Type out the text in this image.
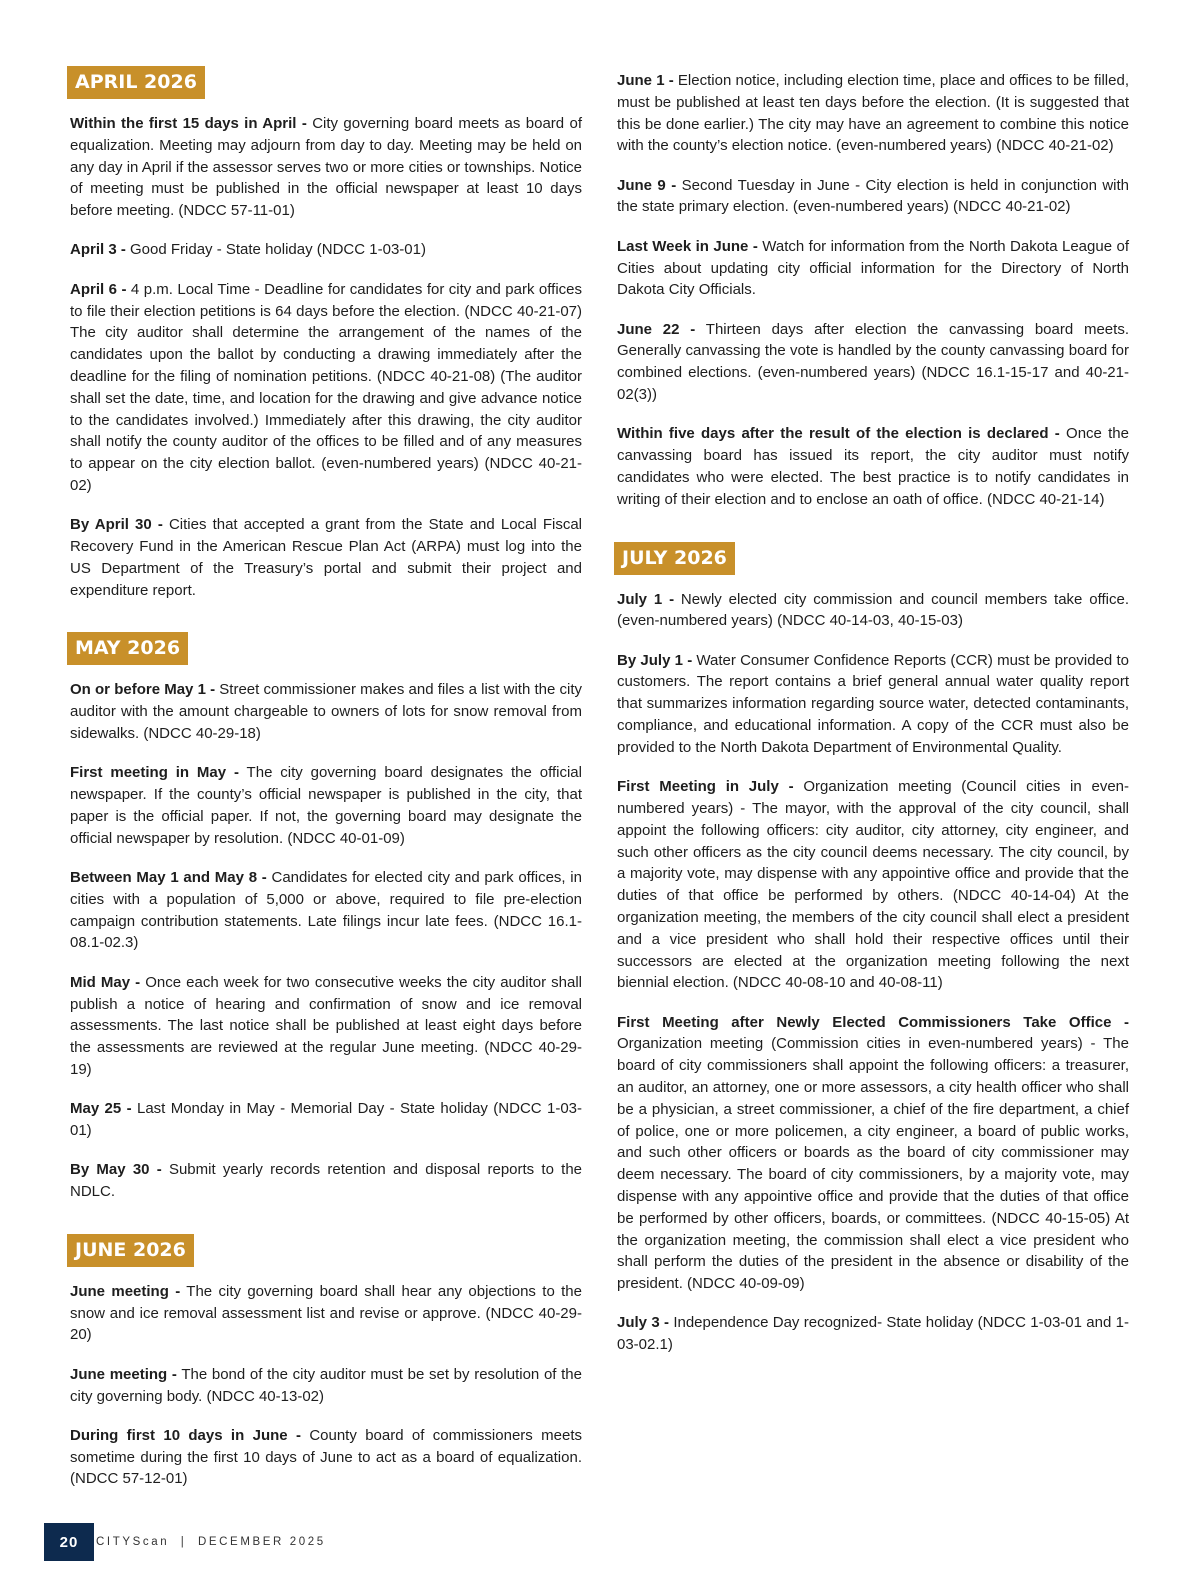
APRIL 2026

Within the first 15 days in April - City governing board meets as board of equalization. Meeting may adjourn from day to day. Meeting may be held on any day in April if the assessor serves two or more cities or townships. Notice of meeting must be published in the official newspaper at least 10 days before meeting. (NDCC 57-11-01)

April 3 - Good Friday - State holiday (NDCC 1-03-01)

April 6 - 4 p.m. Local Time - Deadline for candidates for city and park offices to file their election petitions is 64 days before the election. (NDCC 40-21-07) The city auditor shall determine the arrangement of the names of the candidates upon the ballot by conducting a drawing immediately after the deadline for the filing of nomination petitions. (NDCC 40-21-08) (The auditor shall set the date, time, and location for the drawing and give advance notice to the candidates involved.) Immediately after this drawing, the city auditor shall notify the county auditor of the offices to be filled and of any measures to appear on the city election ballot. (even-numbered years) (NDCC 40-21-02)

By April 30 - Cities that accepted a grant from the State and Local Fiscal Recovery Fund in the American Rescue Plan Act (ARPA) must log into the US Department of the Treasury’s portal and submit their project and expenditure report.

MAY 2026

On or before May 1 - Street commissioner makes and files a list with the city auditor with the amount chargeable to owners of lots for snow removal from sidewalks. (NDCC 40-29-18)

First meeting in May - The city governing board designates the official newspaper. If the county’s official newspaper is published in the city, that paper is the official paper. If not, the governing board may designate the official newspaper by resolution. (NDCC 40-01-09)

Between May 1 and May 8 - Candidates for elected city and park offices, in cities with a population of 5,000 or above, required to file pre-election campaign contribution statements. Late filings incur late fees. (NDCC 16.1-08.1-02.3)

Mid May - Once each week for two consecutive weeks the city auditor shall publish a notice of hearing and confirmation of snow and ice removal assessments. The last notice shall be published at least eight days before the assessments are reviewed at the regular June meeting. (NDCC 40-29-19)

May 25 - Last Monday in May - Memorial Day - State holiday (NDCC 1-03-01)

By May 30 - Submit yearly records retention and disposal reports to the NDLC.

JUNE 2026

June meeting - The city governing board shall hear any objections to the snow and ice removal assessment list and revise or approve. (NDCC 40-29-20)

June meeting - The bond of the city auditor must be set by resolution of the city governing body. (NDCC 40-13-02)

During first 10 days in June - County board of commissioners meets sometime during the first 10 days of June to act as a board of equalization. (NDCC 57-12-01)

June 1 - Election notice, including election time, place and offices to be filled, must be published at least ten days before the election. (It is suggested that this be done earlier.) The city may have an agreement to combine this notice with the county’s election notice. (even-numbered years) (NDCC 40-21-02)

June 9 - Second Tuesday in June - City election is held in conjunction with the state primary election. (even-numbered years) (NDCC 40-21-02)

Last Week in June - Watch for information from the North Dakota League of Cities about updating city official information for the Directory of North Dakota City Officials.

June 22 - Thirteen days after election the canvassing board meets. Generally canvassing the vote is handled by the county canvassing board for combined elections. (even-numbered years) (NDCC 16.1-15-17 and 40-21-02(3))

Within five days after the result of the election is declared - Once the canvassing board has issued its report, the city auditor must notify candidates who were elected. The best practice is to notify candidates in writing of their election and to enclose an oath of office. (NDCC 40-21-14)

JULY 2026

July 1 - Newly elected city commission and council members take office. (even-numbered years) (NDCC 40-14-03, 40-15-03)

By July 1 - Water Consumer Confidence Reports (CCR) must be provided to customers. The report contains a brief general annual water quality report that summarizes information regarding source water, detected contaminants, compliance, and educational information. A copy of the CCR must also be provided to the North Dakota Department of Environmental Quality.

First Meeting in July - Organization meeting (Council cities in even-numbered years) - The mayor, with the approval of the city council, shall appoint the following officers: city auditor, city attorney, city engineer, and such other officers as the city council deems necessary. The city council, by a majority vote, may dispense with any appointive office and provide that the duties of that office be performed by others. (NDCC 40-14-04) At the organization meeting, the members of the city council shall elect a president and a vice president who shall hold their respective offices until their successors are elected at the organization meeting following the next biennial election. (NDCC 40-08-10 and 40-08-11)

First Meeting after Newly Elected Commissioners Take Office - Organization meeting (Commission cities in even-numbered years) - The board of city commissioners shall appoint the following officers: a treasurer, an auditor, an attorney, one or more assessors, a city health officer who shall be a physician, a street commissioner, a chief of the fire department, a chief of police, one or more policemen, a city engineer, a board of public works, and such other officers or boards as the board of city commissioner may deem necessary. The board of city commissioners, by a majority vote, may dispense with any appointive office and provide that the duties of that office be performed by other officers, boards, or committees. (NDCC 40-15-05) At the organization meeting, the commission shall elect a vice president who shall perform the duties of the president in the absence or disability of the president. (NDCC 40-09-09)

July 3 - Independence Day recognized- State holiday (NDCC 1-03-01 and 1-03-02.1)

20	CITYScan  |  DECEMBER 2025
